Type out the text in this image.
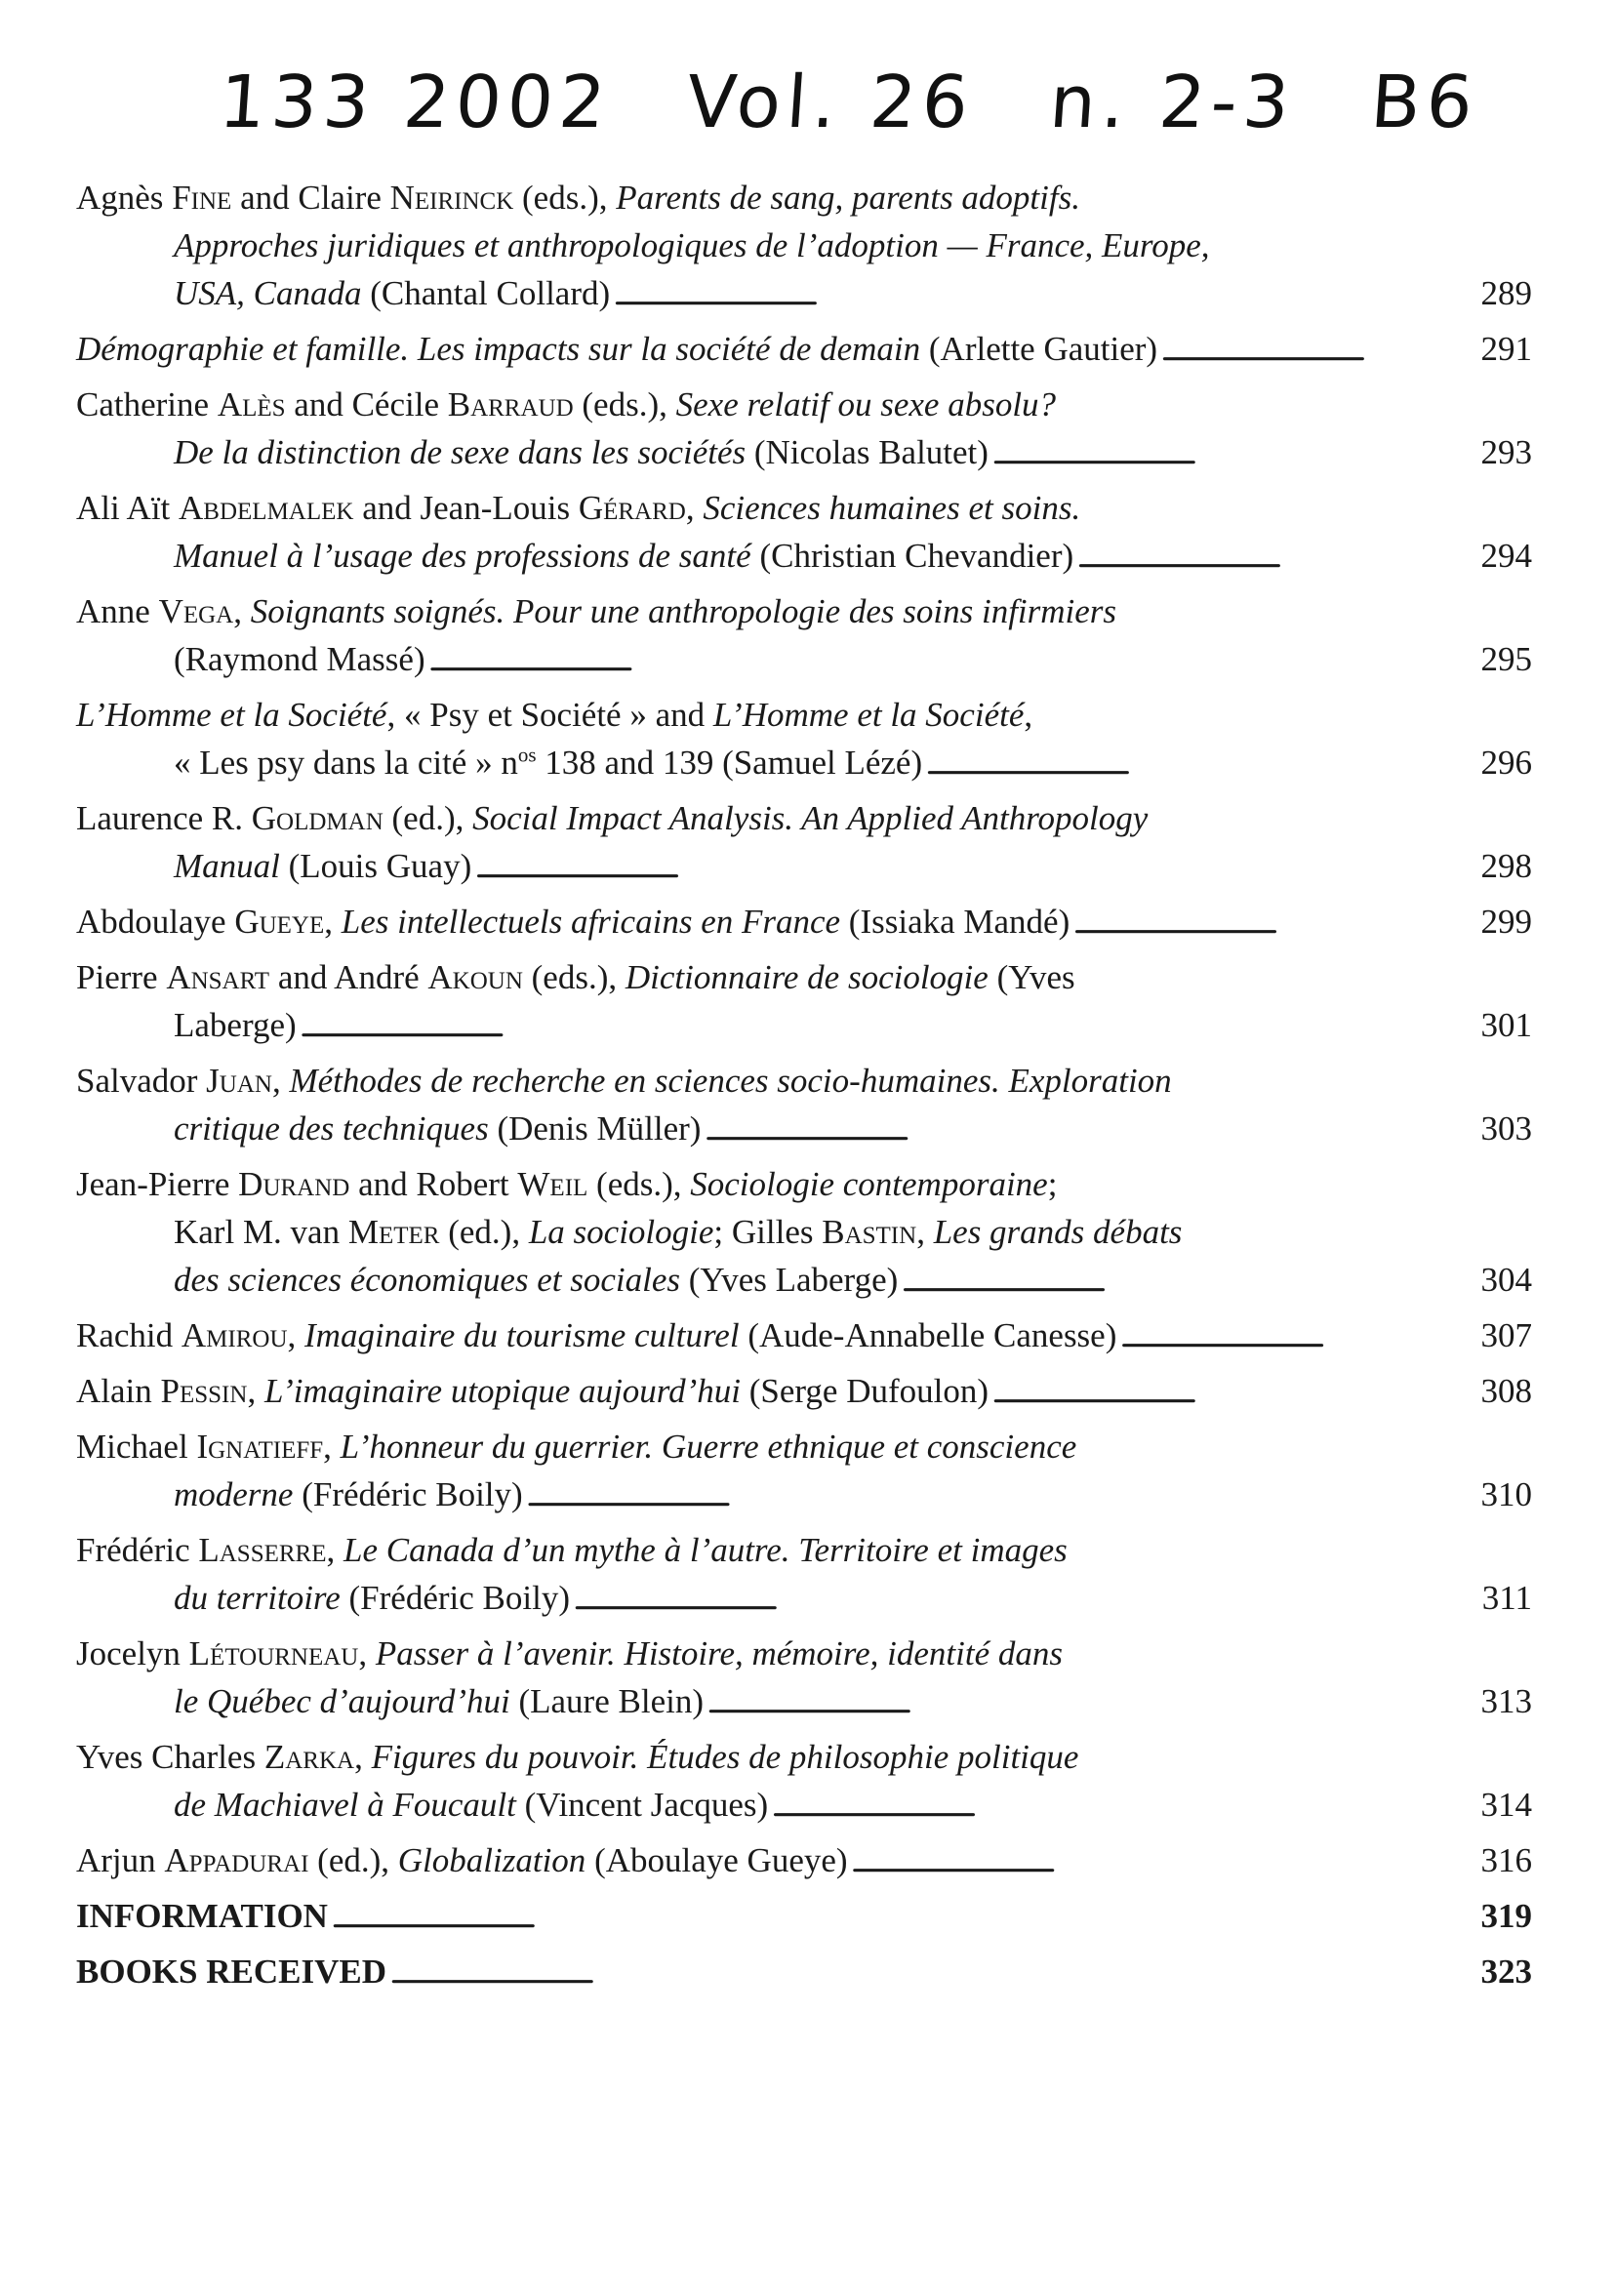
133 2002 Vol. 26 n. 2-3 B6
Agnès Fine and Claire Neirinck (eds.), Parents de sang, parents adoptifs.
Approches juridiques et anthropologiques de l’adoption — France, Europe,
USA, Canada (Chantal Collard) . . .	289
Démographie et famille. Les impacts sur la société de demain (Arlette Gautier) . . .	291
Catherine Alès and Cécile Barraud (eds.), Sexe relatif ou sexe absolu?
De la distinction de sexe dans les sociétés (Nicolas Balutet) . . .	293
Ali Aït Abdelmalek and Jean-Louis Gérard, Sciences humaines et soins.
Manuel à l’usage des professions de santé (Christian Chevandier) . . .	294
Anne Vega, Soignants soignés. Pour une anthropologie des soins infirmiers
(Raymond Massé) . . .	295
L’Homme et la Société, « Psy et Société » and L’Homme et la Société,
« Les psy dans la cité » $n^{os}$ 138 and 139 (Samuel Lézé) . . .	296
Laurence R. Goldman (ed.), Social Impact Analysis. An Applied Anthropology
Manual (Louis Guay) . . .	298
Abdoulaye Gueye, Les intellectuels africains en France (Issiaka Mandé) . . .	299
Pierre Ansart and André Akoun (eds.), Dictionnaire de sociologie (Yves
Laberge) . . .	301
Salvador Juan, Méthodes de recherche en sciences socio-humaines. Exploration
critique des techniques (Denis Müller) . . .	303
Jean-Pierre Durand and Robert Weil (eds.), Sociologie contemporaine;
Karl M. van Meter (ed.), La sociologie; Gilles Bastin, Les grands débats
des sciences économiques et sociales (Yves Laberge) . . .	304
Rachid Amirou, Imaginaire du tourisme culturel (Aude-Annabelle Canesse) . . .	307
Alain Pessin, L’imaginaire utopique aujourd’hui (Serge Dufoulon) . . .	308
Michael Ignatieff, L’honneur du guerrier. Guerre ethnique et conscience
moderne (Frédéric Boily) . . .	310
Frédéric Lasserre, Le Canada d’un mythe à l’autre. Territoire et images
du territoire (Frédéric Boily) . . .	311
Jocelyn Létourneau, Passer à l’avenir. Histoire, mémoire, identité dans
le Québec d’aujourd’hui (Laure Blein) . . .	313
Yves Charles Zarka, Figures du pouvoir. Études de philosophie politique
de Machiavel à Foucault (Vincent Jacques) . . .	314
Arjun Appadurai (ed.), Globalization (Aboulaye Gueye) . . .	316
INFORMATION . . .	319
BOOKS RECEIVED . . .	323
